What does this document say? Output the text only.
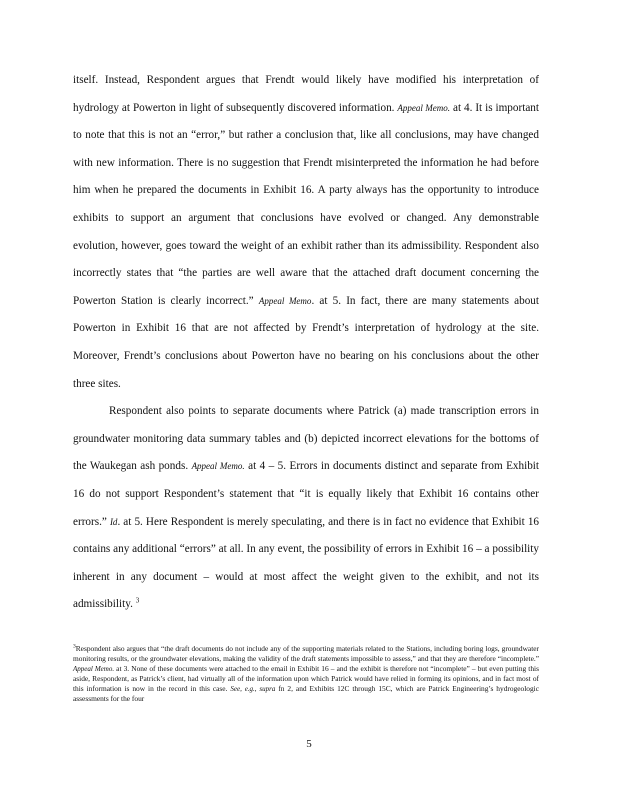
itself. Instead, Respondent argues that Frendt would likely have modified his interpretation of hydrology at Powerton in light of subsequently discovered information. Appeal Memo. at 4. It is important to note that this is not an “error,” but rather a conclusion that, like all conclusions, may have changed with new information. There is no suggestion that Frendt misinterpreted the information he had before him when he prepared the documents in Exhibit 16. A party always has the opportunity to introduce exhibits to support an argument that conclusions have evolved or changed. Any demonstrable evolution, however, goes toward the weight of an exhibit rather than its admissibility. Respondent also incorrectly states that “the parties are well aware that the attached draft document concerning the Powerton Station is clearly incorrect.” Appeal Memo. at 5. In fact, there are many statements about Powerton in Exhibit 16 that are not affected by Frendt’s interpretation of hydrology at the site. Moreover, Frendt’s conclusions about Powerton have no bearing on his conclusions about the other three sites.

Respondent also points to separate documents where Patrick (a) made transcription errors in groundwater monitoring data summary tables and (b) depicted incorrect elevations for the bottoms of the Waukegan ash ponds. Appeal Memo. at 4 – 5. Errors in documents distinct and separate from Exhibit 16 do not support Respondent’s statement that “it is equally likely that Exhibit 16 contains other errors.” Id. at 5. Here Respondent is merely speculating, and there is in fact no evidence that Exhibit 16 contains any additional “errors” at all. In any event, the possibility of errors in Exhibit 16 – a possibility inherent in any document – would at most affect the weight given to the exhibit, and not its admissibility. $^3$

$^3$Respondent also argues that “the draft documents do not include any of the supporting materials related to the Stations, including boring logs, groundwater monitoring results, or the groundwater elevations, making the validity of the draft statements impossible to assess,” and that they are therefore “incomplete.” Appeal Memo. at 3. None of these documents were attached to the email in Exhibit 16 – and the exhibit is therefore not “incomplete” – but even putting this aside, Respondent, as Patrick’s client, had virtually all of the information upon which Patrick would have relied in forming its opinions, and in fact most of this information is now in the record in this case. See, e.g., supra fn 2, and Exhibits 12C through 15C, which are Patrick Engineering’s hydrogeologic assessments for the four
5
